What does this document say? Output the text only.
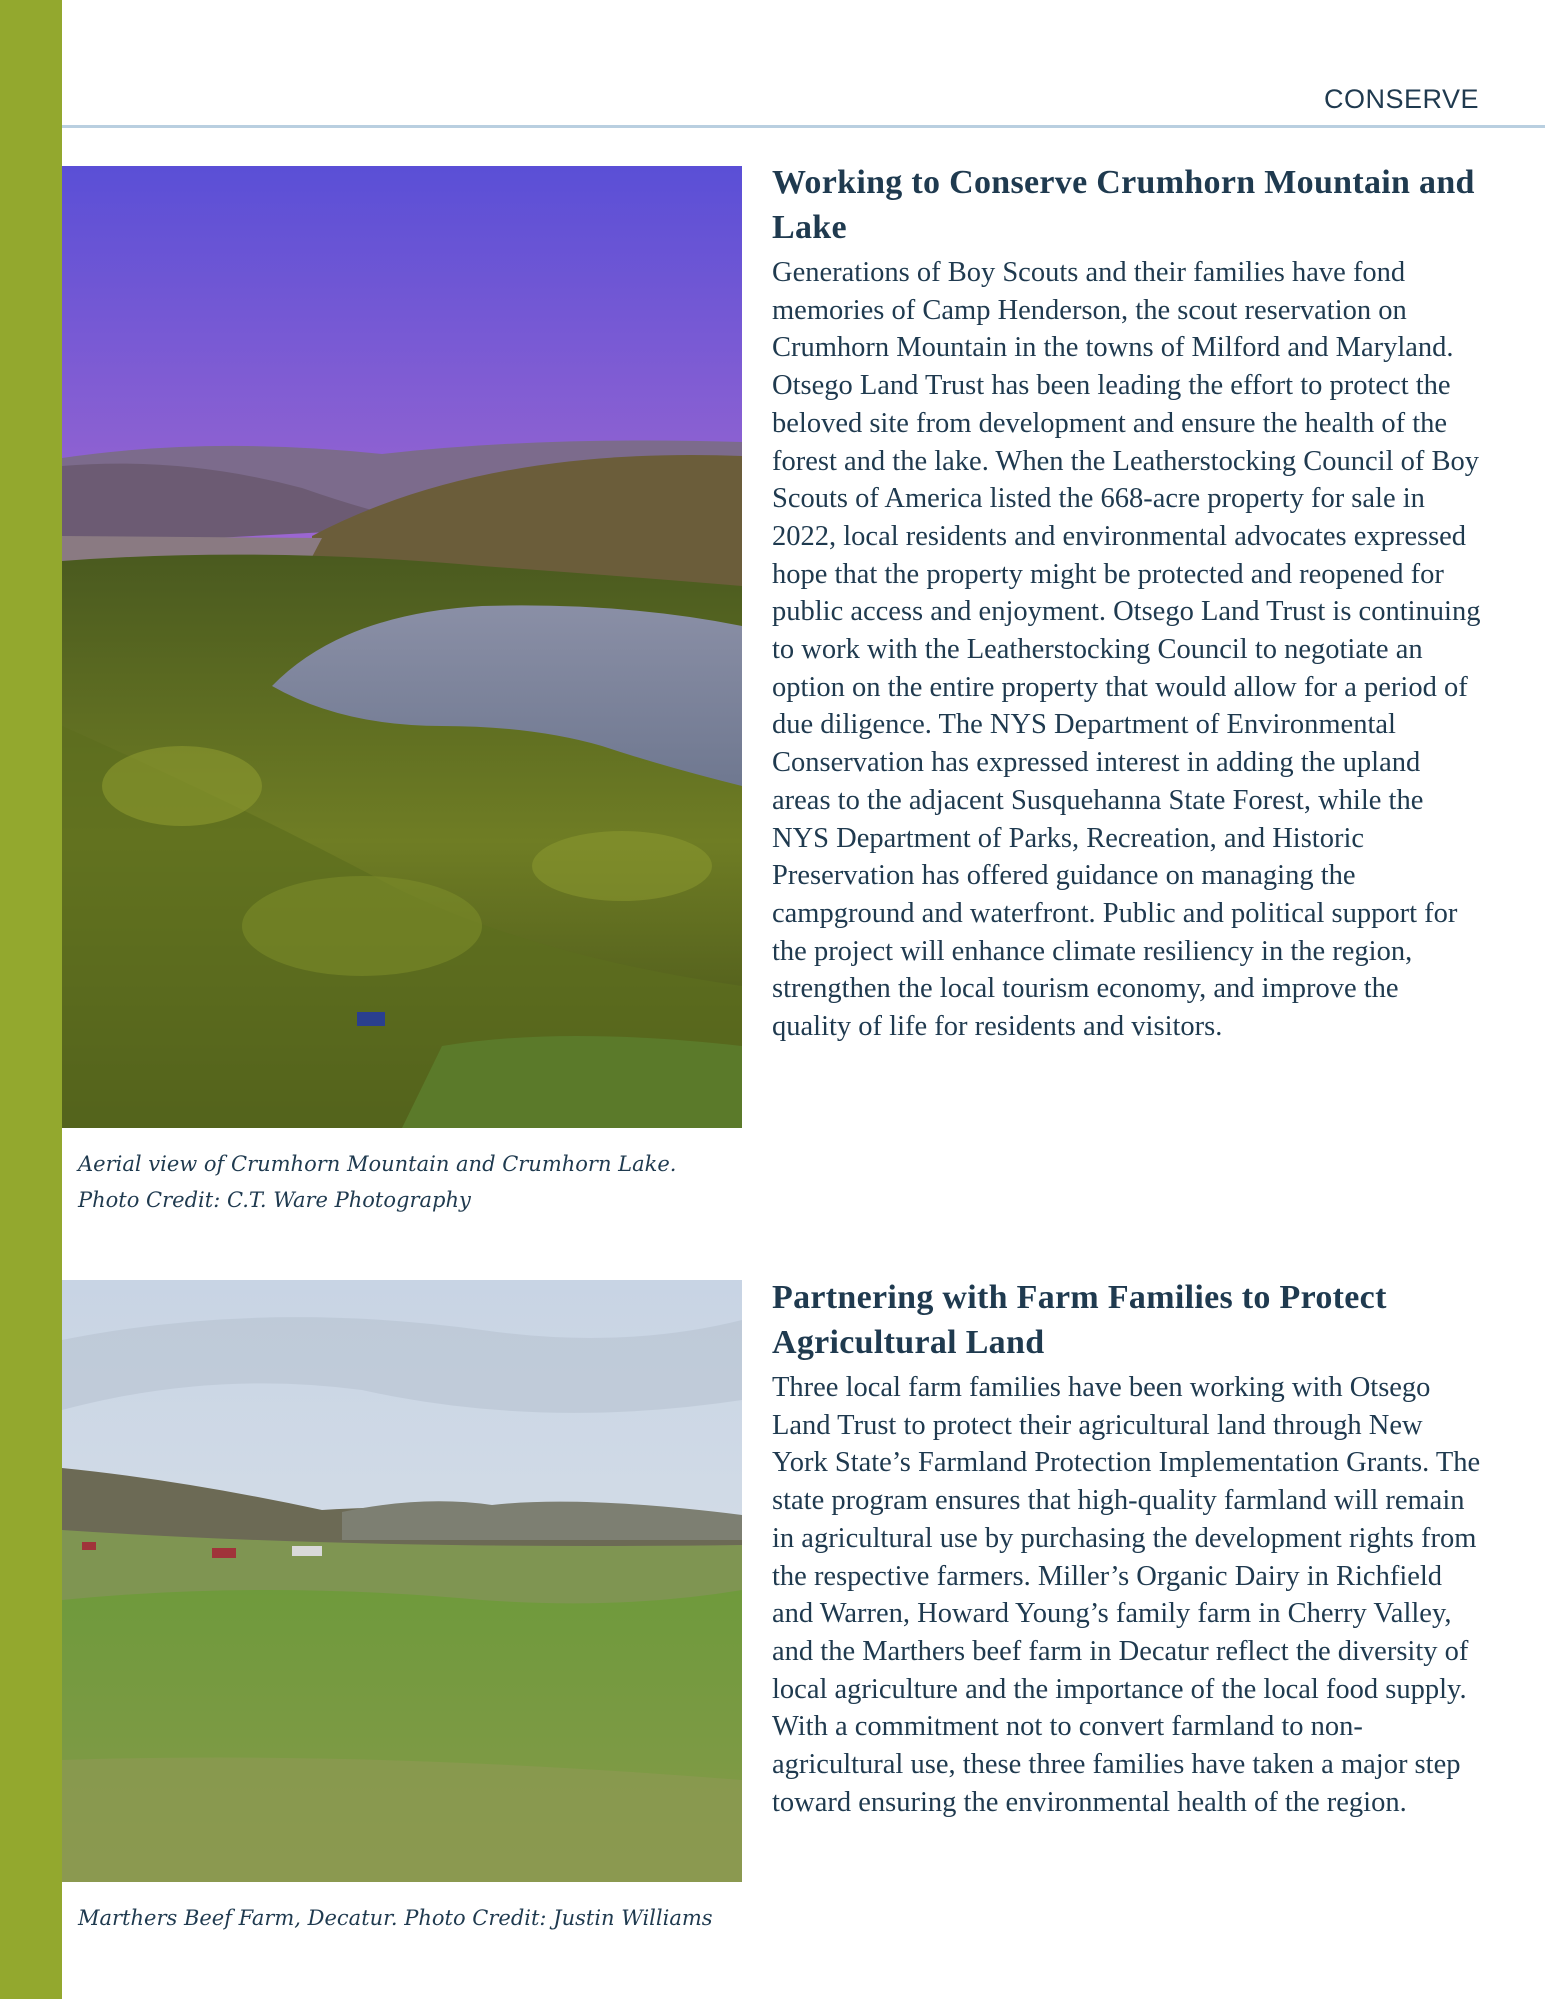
CONSERVE
Aerial view of Crumhorn Mountain and Crumhorn Lake.
Photo Credit: C.T. Ware Photography
Marthers Beef Farm, Decatur. Photo Credit: Justin Williams
Working to Conserve Crumhorn Mountain and Lake

Generations of Boy Scouts and their families have fond memories of Camp Henderson, the scout reservation on Crumhorn Mountain in the towns of Milford and Maryland. Otsego Land Trust has been leading the effort to protect the beloved site from development and ensure the health of the forest and the lake. When the Leatherstocking Council of Boy Scouts of America listed the 668-acre property for sale in 2022, local residents and environmental advocates expressed hope that the property might be protected and reopened for public access and enjoyment. Otsego Land Trust is continuing to work with the Leatherstocking Council to negotiate an option on the entire property that would allow for a period of due diligence. The NYS Department of Environmental Conservation has expressed interest in adding the upland areas to the adjacent Susquehanna State Forest, while the NYS Department of Parks, Recreation, and Historic Preservation has offered guidance on managing the campground and waterfront. Public and political support for the project will enhance climate resiliency in the region, strengthen the local tourism economy, and improve the quality of life for residents and visitors.

Partnering with Farm Families to Protect Agricultural Land

Three local farm families have been working with Otsego Land Trust to protect their agricultural land through New York State’s Farmland Protection Implementation Grants. The state program ensures that high-quality farmland will remain in agricultural use by purchasing the development rights from the respective farmers. Miller’s Organic Dairy in Richfield and Warren, Howard Young’s family farm in Cherry Valley, and the Marthers beef farm in Decatur reflect the diversity of local agriculture and the importance of the local food supply. With a commitment not to convert farmland to non-agricultural use, these three families have taken a major step toward ensuring the environmental health of the region.
